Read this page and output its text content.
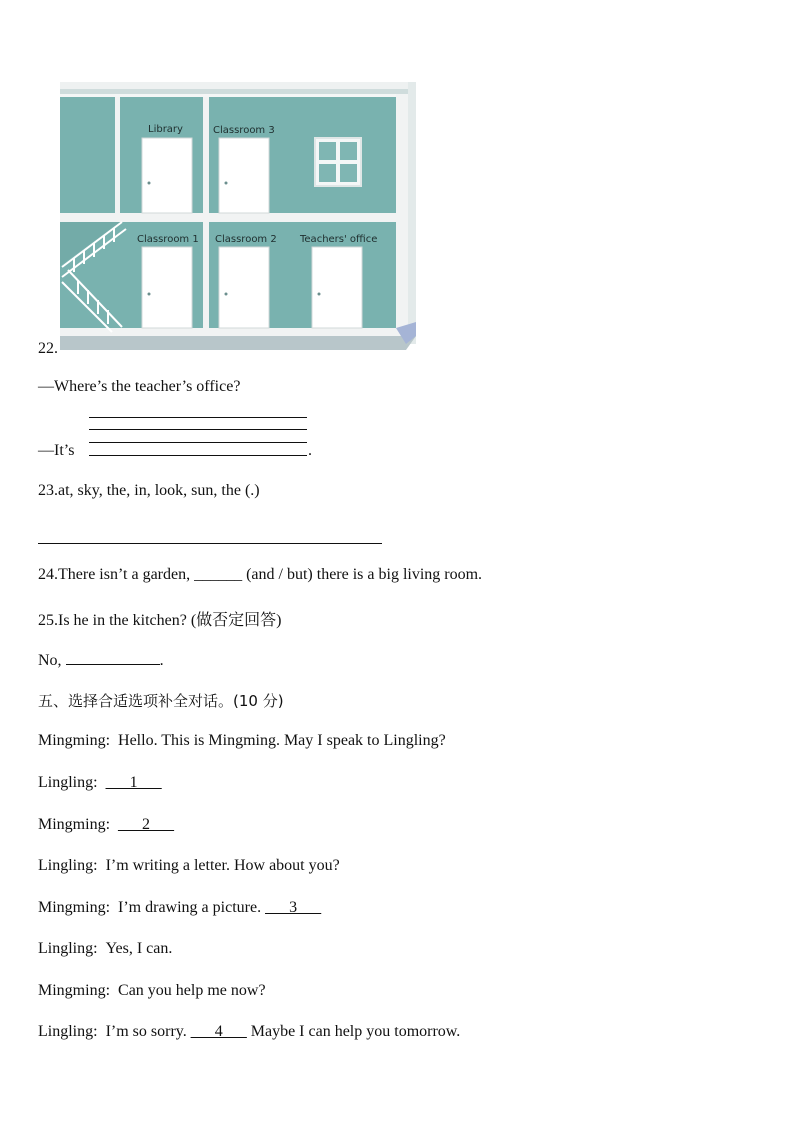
Library	Classroom 3
Classroom 1 Classroom 2 Teachers' office
22.
—Where’s the teacher’s office?
—It’s	.
23.at, sky, the, in, look, sun, the (.)
24.There isn’t a garden, ______ (and / but) there is a big living room.
25.Is he in the kitchen? (做否定回答)
No,	.
五、选择合适选项补全对话。(10 分)
Mingming: Hello. This is Mingming. May I speak to Lingling?
Lingling: ___1___
Mingming: ___2___
Lingling: I’m writing a letter. How about you?
Mingming: I’m drawing a picture. ___3___
Lingling: Yes, I can.
Mingming: Can you help me now?
Lingling: I’m so sorry. ___4___ Maybe I can help you tomorrow.
